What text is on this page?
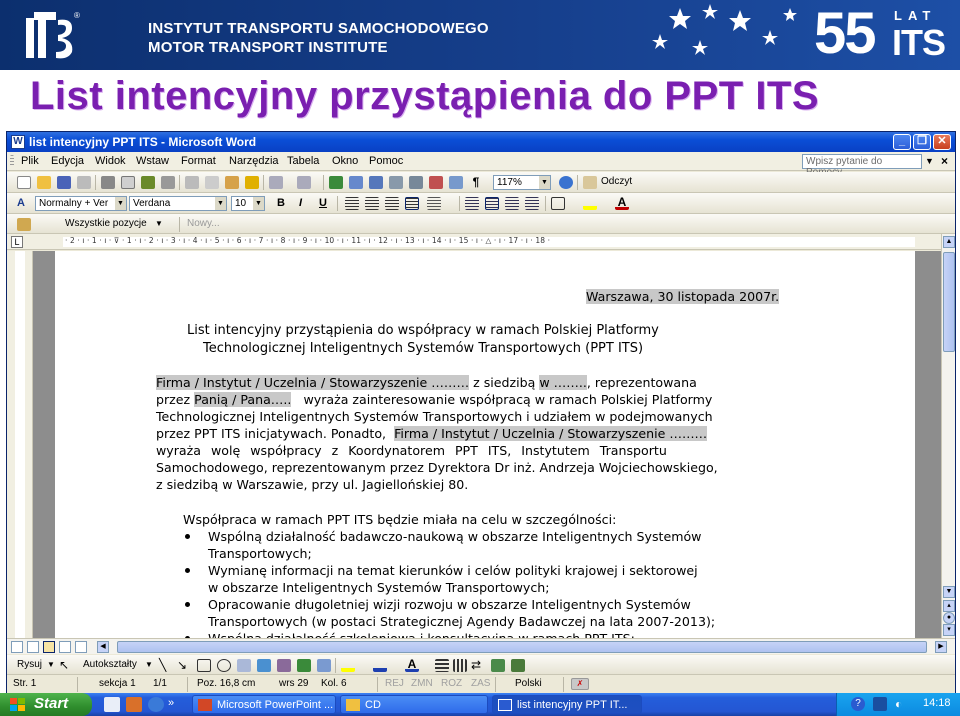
®
INSTYTUT TRANSPORTU SAMOCHODOWEGO
MOTOR TRANSPORT INSTITUTE	55 LAT
ITS
List intencyjny przystąpienia do PPT ITS
W list intencyjny PPT ITS - Microsoft Word	_	❐ ✕
Plik Edycja Widok Wstaw Format Narzędzia Tabela Okno Pomoc	Wpisz pytanie do	▼ ×
¶	117%	▼	Odczyt
A	Normalny + Ver ▼ Verdana	▼	10 ▼ B I U	A
Wszystkie pozycje ▼ Nowy...
L	· 2 · ı · 1 · ı · ⊽ · 1 · ı · 2 · ı · 3 · ı · 4 · ı · 5 · ı · 6 · ı · 7 · ı · 8 · ı · 9 · ı · 10 · ı · 11 · ı · 12 · ı · 13 · ı · 14 · ı · 15 · ı · △ · ı · 17 · ı · 18 ·
Warszawa, 30 listopada 2007r.
List intencyjny przystąpienia do współpracy w ramach Polskiej Platformy
Technologicznej Inteligentnych Systemów Transportowych (PPT ITS)
Firma / Instytut / Uczelnia / Stowarzyszenie ……… z siedzibą w …….., reprezentowana
przez Panią / Pana….. wyraża zainteresowanie współpracą w ramach Polskiej Platformy
Technologicznej Inteligentnych Systemów Transportowych i udziałem w podejmowanych
przez PPT ITS inicjatywach. Ponadto, Firma / Instytut / Uczelnia / Stowarzyszenie ………
wyraża wolę współpracy z Koordynatorem PPT ITS, Instytutem Transportu
Samochodowego, reprezentowanym przez Dyrektora Dr inż. Andrzeja Wojciechowskiego,
z siedzibą w Warszawie, przy ul. Jagiellońskiej 80.
Współpraca w ramach PPT ITS będzie miała na celu w szczególności:
Wspólną działalność badawczo-naukową w obszarze Inteligentnych Systemów
Transportowych;
Wymianę informacji na temat kierunków i celów polityki krajowej i sektorowej
w obszarze Inteligentnych Systemów Transportowych;
Opracowanie długoletniej wizji rozwoju w obszarze Inteligentnych Systemów
Transportowych (w postaci Strategicznej Agendy Badawczej na lata 2007-2013);
▲
▼
▴
●
▾
◀	▶
Rysuj ▼ ↖	Autokształty ▼ ╲ ↘	A	⇄
Str. 1	sekcja 1 1/1	Poz. 16,8 cm wrs 29 Kol. 6	REJ ZMN ROZ ZAS Polski	✗
Start	»	Microsoft PowerPoint ...	CD	list intencyjny PPT IT...	?	◐	14:18
